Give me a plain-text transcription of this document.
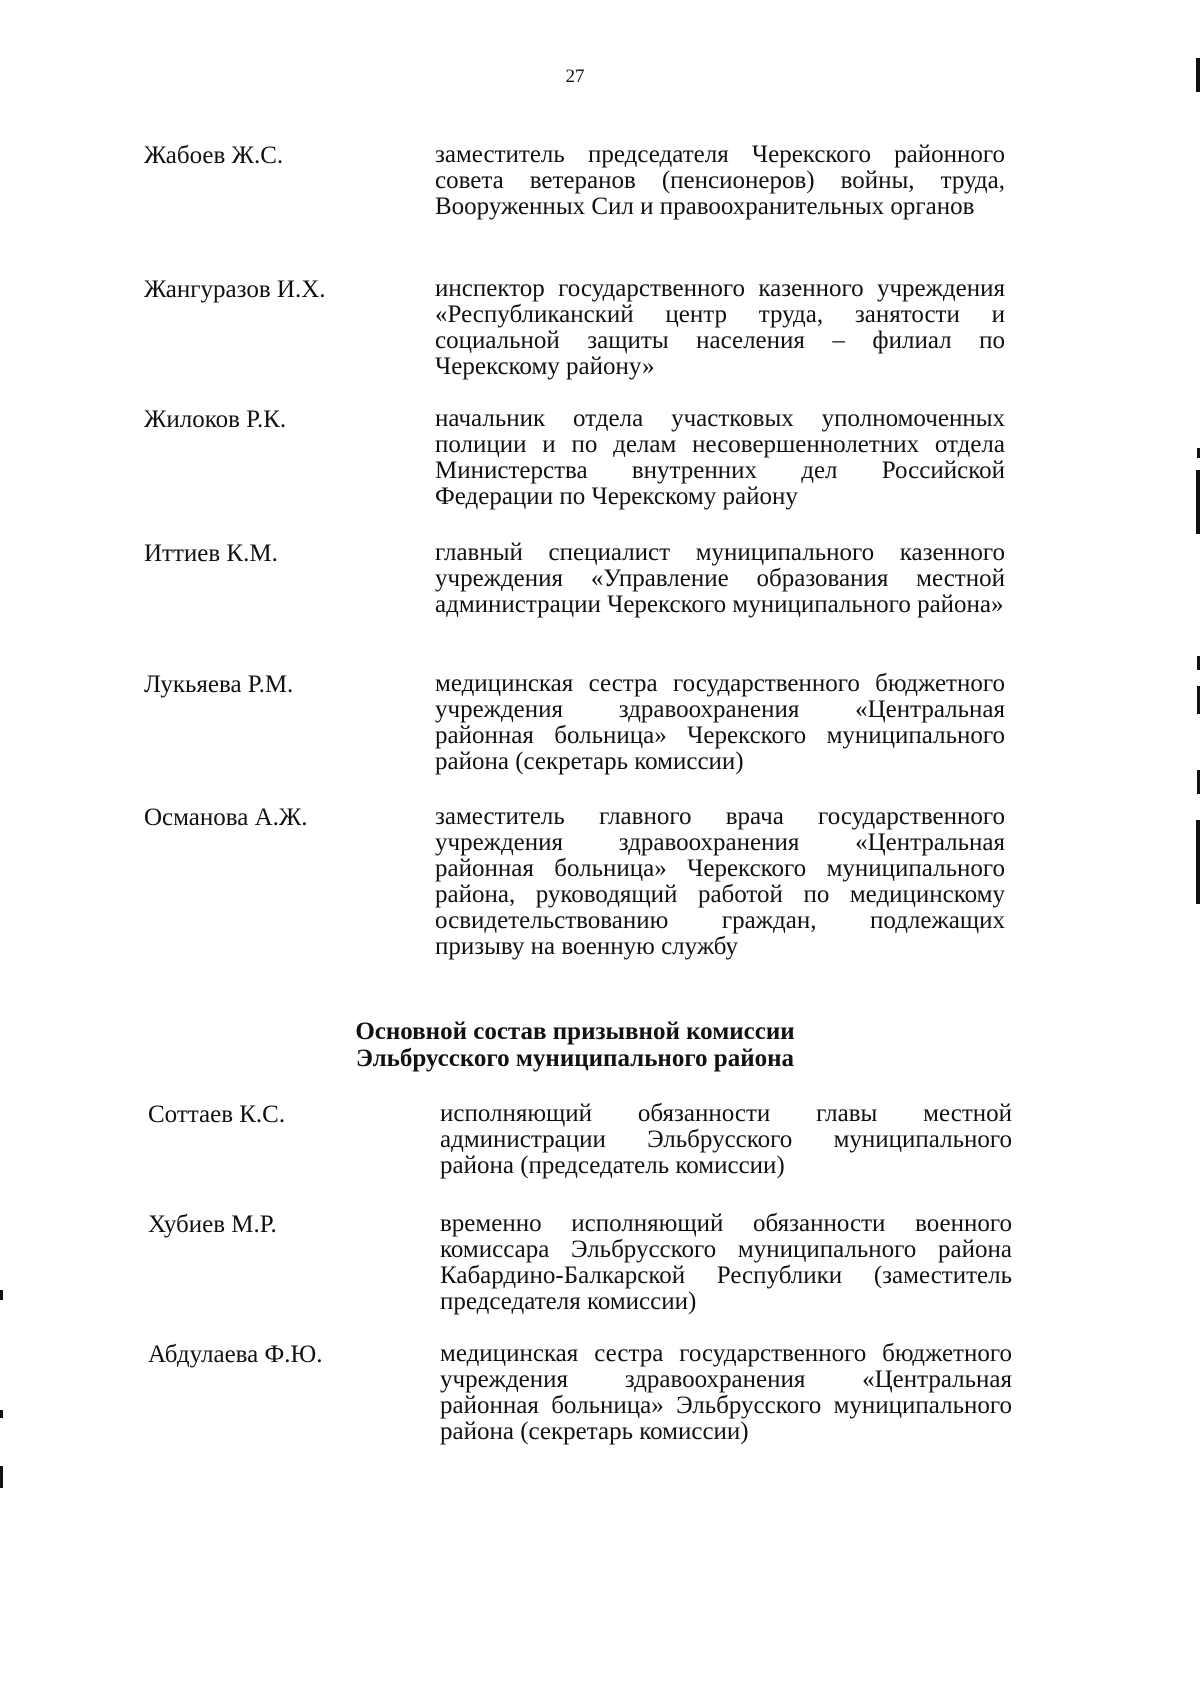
27
Жабоев Ж.С.	заместитель председателя Черекского районного совета ветеранов (пенсионеров) войны, труда, Вооруженных Сил и правоохранительных органов
Жангуразов И.Х.	инспектор государственного казенного учреждения «Республиканский центр труда, занятости и социальной защиты населения – филиал по Черекскому району»
Жилоков Р.К.	начальник отдела участковых уполномоченных полиции и по делам несовершеннолетних отдела Министерства внутренних дел Российской Федерации по Черекскому району
Иттиев К.М.	главный специалист муниципального казенного учреждения «Управление образования местной администрации Черекского муниципального района»
Лукьяева Р.М.	медицинская сестра государственного бюджетного учреждения здравоохранения «Центральная районная больница» Черекского муниципального района (секретарь комиссии)
Османова А.Ж.	заместитель главного врача государственного учреждения здравоохранения «Центральная районная больница» Черекского муниципального района, руководящий работой по медицинскому освидетельствованию граждан, подлежащих призыву на военную службу
Основной состав призывной комиссии
Эльбрусского муниципального района
Соттаев К.С.	исполняющий обязанности главы местной администрации Эльбрусского муниципального района (председатель комиссии)
Хубиев М.Р.	временно исполняющий обязанности военного комиссара Эльбрусского муниципального района Кабардино-Балкарской Республики (заместитель председателя комиссии)
Абдулаева Ф.Ю.	медицинская сестра государственного бюджетного учреждения здравоохранения «Центральная районная больница» Эльбрусского муниципального района (секретарь комиссии)
